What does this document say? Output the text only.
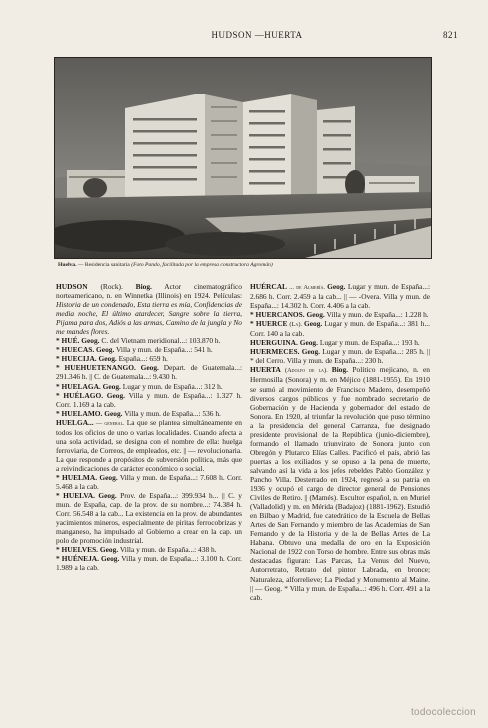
HUDSON —HUERTA	821
Huelva. — Residencia sanitaria (Foto Pando, facilitada por la empresa constructora Agromán)

HUDSON (Rock). Biog. Actor cinematográfico norteamericano, n. en Winnetka (Illinois) en 1924. Películas: Historia de un condenado, Esta tierra es mía, Confidencias de media noche, El último atardecer, Sangre sobre la tierra, Pijama para dos, Adiós a las armas, Camino de la jungla y No me mandes flores.

* HUÉ. Geog. C. del Vietnam meridional...: 103.870 h.

* HUECAS. Geog. Villa y mun. de España...: 541 h.

* HUECIJA. Geog. España...: 659 h.

* HUEHUETENANGO. Geog. Depart. de Guatemala...: 291.346 h. || C. de Guatemala...: 9.430 h.

* HUELAGA. Geog. Lugar y mun. de España...: 312 h.

* HUÉLAGO. Geog. Villa y mun. de España...: 1.327 h. Corr. 1.169 a la cab.

* HUELAMO. Geog. Villa y mun. de España...: 536 h.

HUELGA... — general. La que se plantea simultáneamente en todos los oficios de uno o varias localidades. Cuando afecta a una sola actividad, se designa con el nombre de ella: huelga ferroviaria, de Correos, de empleados, etc. || — revolucionaria. La que responde a propósitos de subversión política, más que a reivindicaciones de carácter económico o social.

* HUELMA. Geog. Villa y mun. de España...: 7.608 h. Corr. 5.468 a la cab.

* HUELVA. Geog. Prov. de España...: 399.934 h... || C. y mun. de España, cap. de la prov. de su nombre...: 74.384 h. Corr. 56.548 a la cab... La existencia en la prov. de abundantes yacimientos mineros, especialmente de piritas ferrocobrizas y manganeso, ha impulsado al Gobierno a crear en la cap. un polo de promoción industrial.

* HUELVES. Geog. Villa y mun. de España...: 438 h.

* HUÉNEJA. Geog. Villa y mun. de España...: 3.100 h. Corr. 1.989 a la cab.

HUÉRCAL ... de Almería. Geog. Lugar y mun. de España...: 2.686 h. Corr. 2.459 a la cab... || — -Overa. Villa y mun. de España...: 14.302 h. Corr. 4.406 a la cab.

* HUERCANOS. Geog. Villa y mun. de España...: 1.228 h.

* HUERCE (La). Geog. Lugar y mun. de España...: 381 h... Corr. 140 a la cab.

HUERGUINA. Geog. Lugar y mun. de España...: 193 h.

HUERMECES. Geog. Lugar y mun. de España...: 285 h. || * del Cerro. Villa y mun. de España...: 230 h.

HUERTA (Adolfo de la). Biog. Político mejicano, n. en Hermosilla (Sonora) y m. en Méjico (1881-1955). En 1910 se sumó al movimiento de Francisco Madero, desempeñó diversos cargos públicos y fue nombrado secretario de Gobernación y de Hacienda y gobernador del estado de Sonora. En 1920, al triunfar la revolución que puso término a la presidencia del general Carranza, fue designado presidente provisional de la República (junio-diciembre), formando el llamado triunvirato de Sonora junto con Obregón y Plutarco Elías Calles. Pacificó el país, abrió las puertas a los exiliados y se opuso a la pena de muerte, salvando así la vida a los jefes rebeldes Pablo González y Pancho Villa. Desterrado en 1924, regresó a su patria en 1936 y ocupó el cargo de director general de Pensiones Civiles de Retiro. || (Mamés). Escultor español, n. en Muriel (Valladolid) y m. en Mérida (Badajoz) (1881-1962). Estudió en Bilbao y Madrid, fue catedrático de la Escuela de Bellas Artes de San Fernando y miembro de las Academias de San Fernando y de la Historia y de la de Bellas Artes de La Habana. Obtuvo una medalla de oro en la Exposición Nacional de 1922 con Torso de hombre. Entre sus obras más destacadas figuran: Las Parcas, La Venus del Nuevo, Autorretrato, Retrato del pintor Labrada, en bronce; Naturaleza, alforrelieve; La Piedad y Monumento al Maine. || — Geog. * Villa y mun. de España...: 496 h. Corr. 491 a la cab.

todocoleccion
